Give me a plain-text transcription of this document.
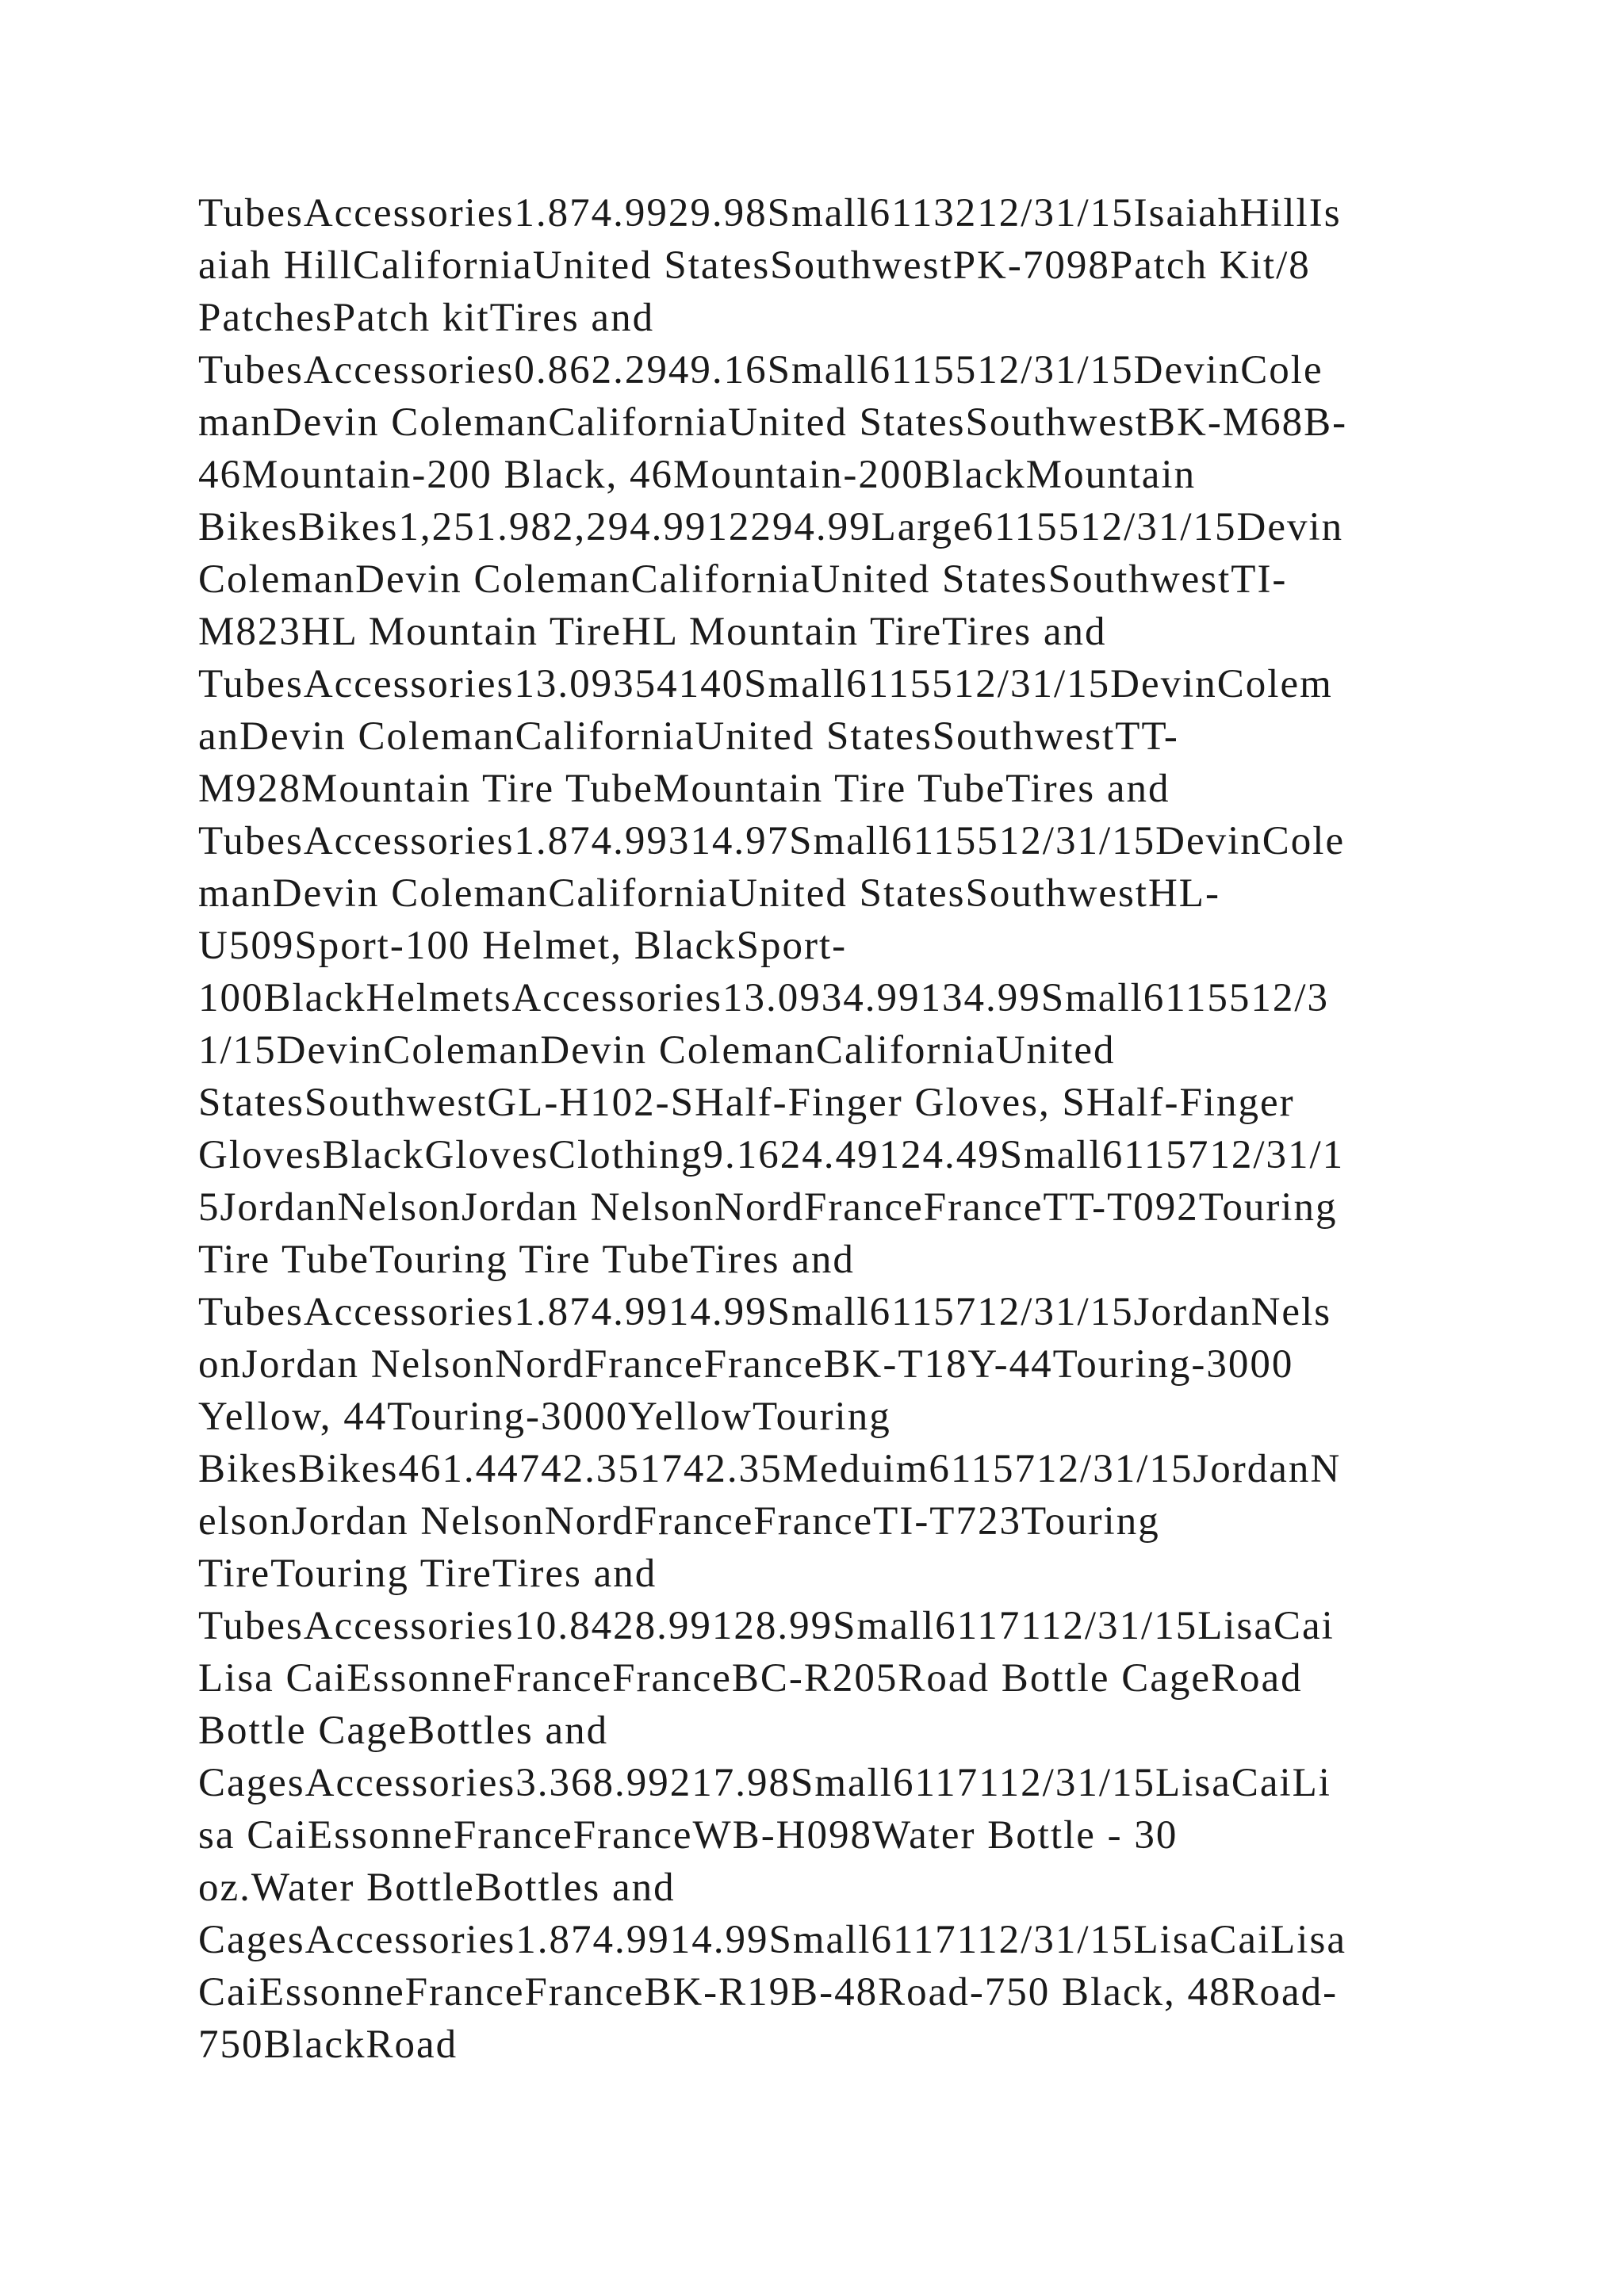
TubesAccessories1.874.9929.98Small6113212/31/15IsaiahHillIs
aiah HillCaliforniaUnited StatesSouthwestPK-7098Patch Kit/8
PatchesPatch kitTires and
TubesAccessories0.862.2949.16Small6115512/31/15DevinCole
manDevin ColemanCaliforniaUnited StatesSouthwestBK-M68B-
46Mountain-200 Black, 46Mountain-200BlackMountain
BikesBikes1,251.982,294.9912294.99Large6115512/31/15Devin
ColemanDevin ColemanCaliforniaUnited StatesSouthwestTI-
M823HL Mountain TireHL Mountain TireTires and
TubesAccessories13.09354140Small6115512/31/15DevinColem
anDevin ColemanCaliforniaUnited StatesSouthwestTT-
M928Mountain Tire TubeMountain Tire TubeTires and
TubesAccessories1.874.99314.97Small6115512/31/15DevinCole
manDevin ColemanCaliforniaUnited StatesSouthwestHL-
U509Sport-100 Helmet, BlackSport-
100BlackHelmetsAccessories13.0934.99134.99Small6115512/3
1/15DevinColemanDevin ColemanCaliforniaUnited
StatesSouthwestGL-H102-SHalf-Finger Gloves, SHalf-Finger
GlovesBlackGlovesClothing9.1624.49124.49Small6115712/31/1
5JordanNelsonJordan NelsonNordFranceFranceTT-T092Touring
Tire TubeTouring Tire TubeTires and
TubesAccessories1.874.9914.99Small6115712/31/15JordanNels
onJordan NelsonNordFranceFranceBK-T18Y-44Touring-3000
Yellow, 44Touring-3000YellowTouring
BikesBikes461.44742.351742.35Meduim6115712/31/15JordanN
elsonJordan NelsonNordFranceFranceTI-T723Touring
TireTouring TireTires and
TubesAccessories10.8428.99128.99Small6117112/31/15LisaCai
Lisa CaiEssonneFranceFranceBC-R205Road Bottle CageRoad
Bottle CageBottles and
CagesAccessories3.368.99217.98Small6117112/31/15LisaCaiLi
sa CaiEssonneFranceFranceWB-H098Water Bottle - 30
oz.Water BottleBottles and
CagesAccessories1.874.9914.99Small6117112/31/15LisaCaiLisa
CaiEssonneFranceFranceBK-R19B-48Road-750 Black, 48Road-
750BlackRoad
